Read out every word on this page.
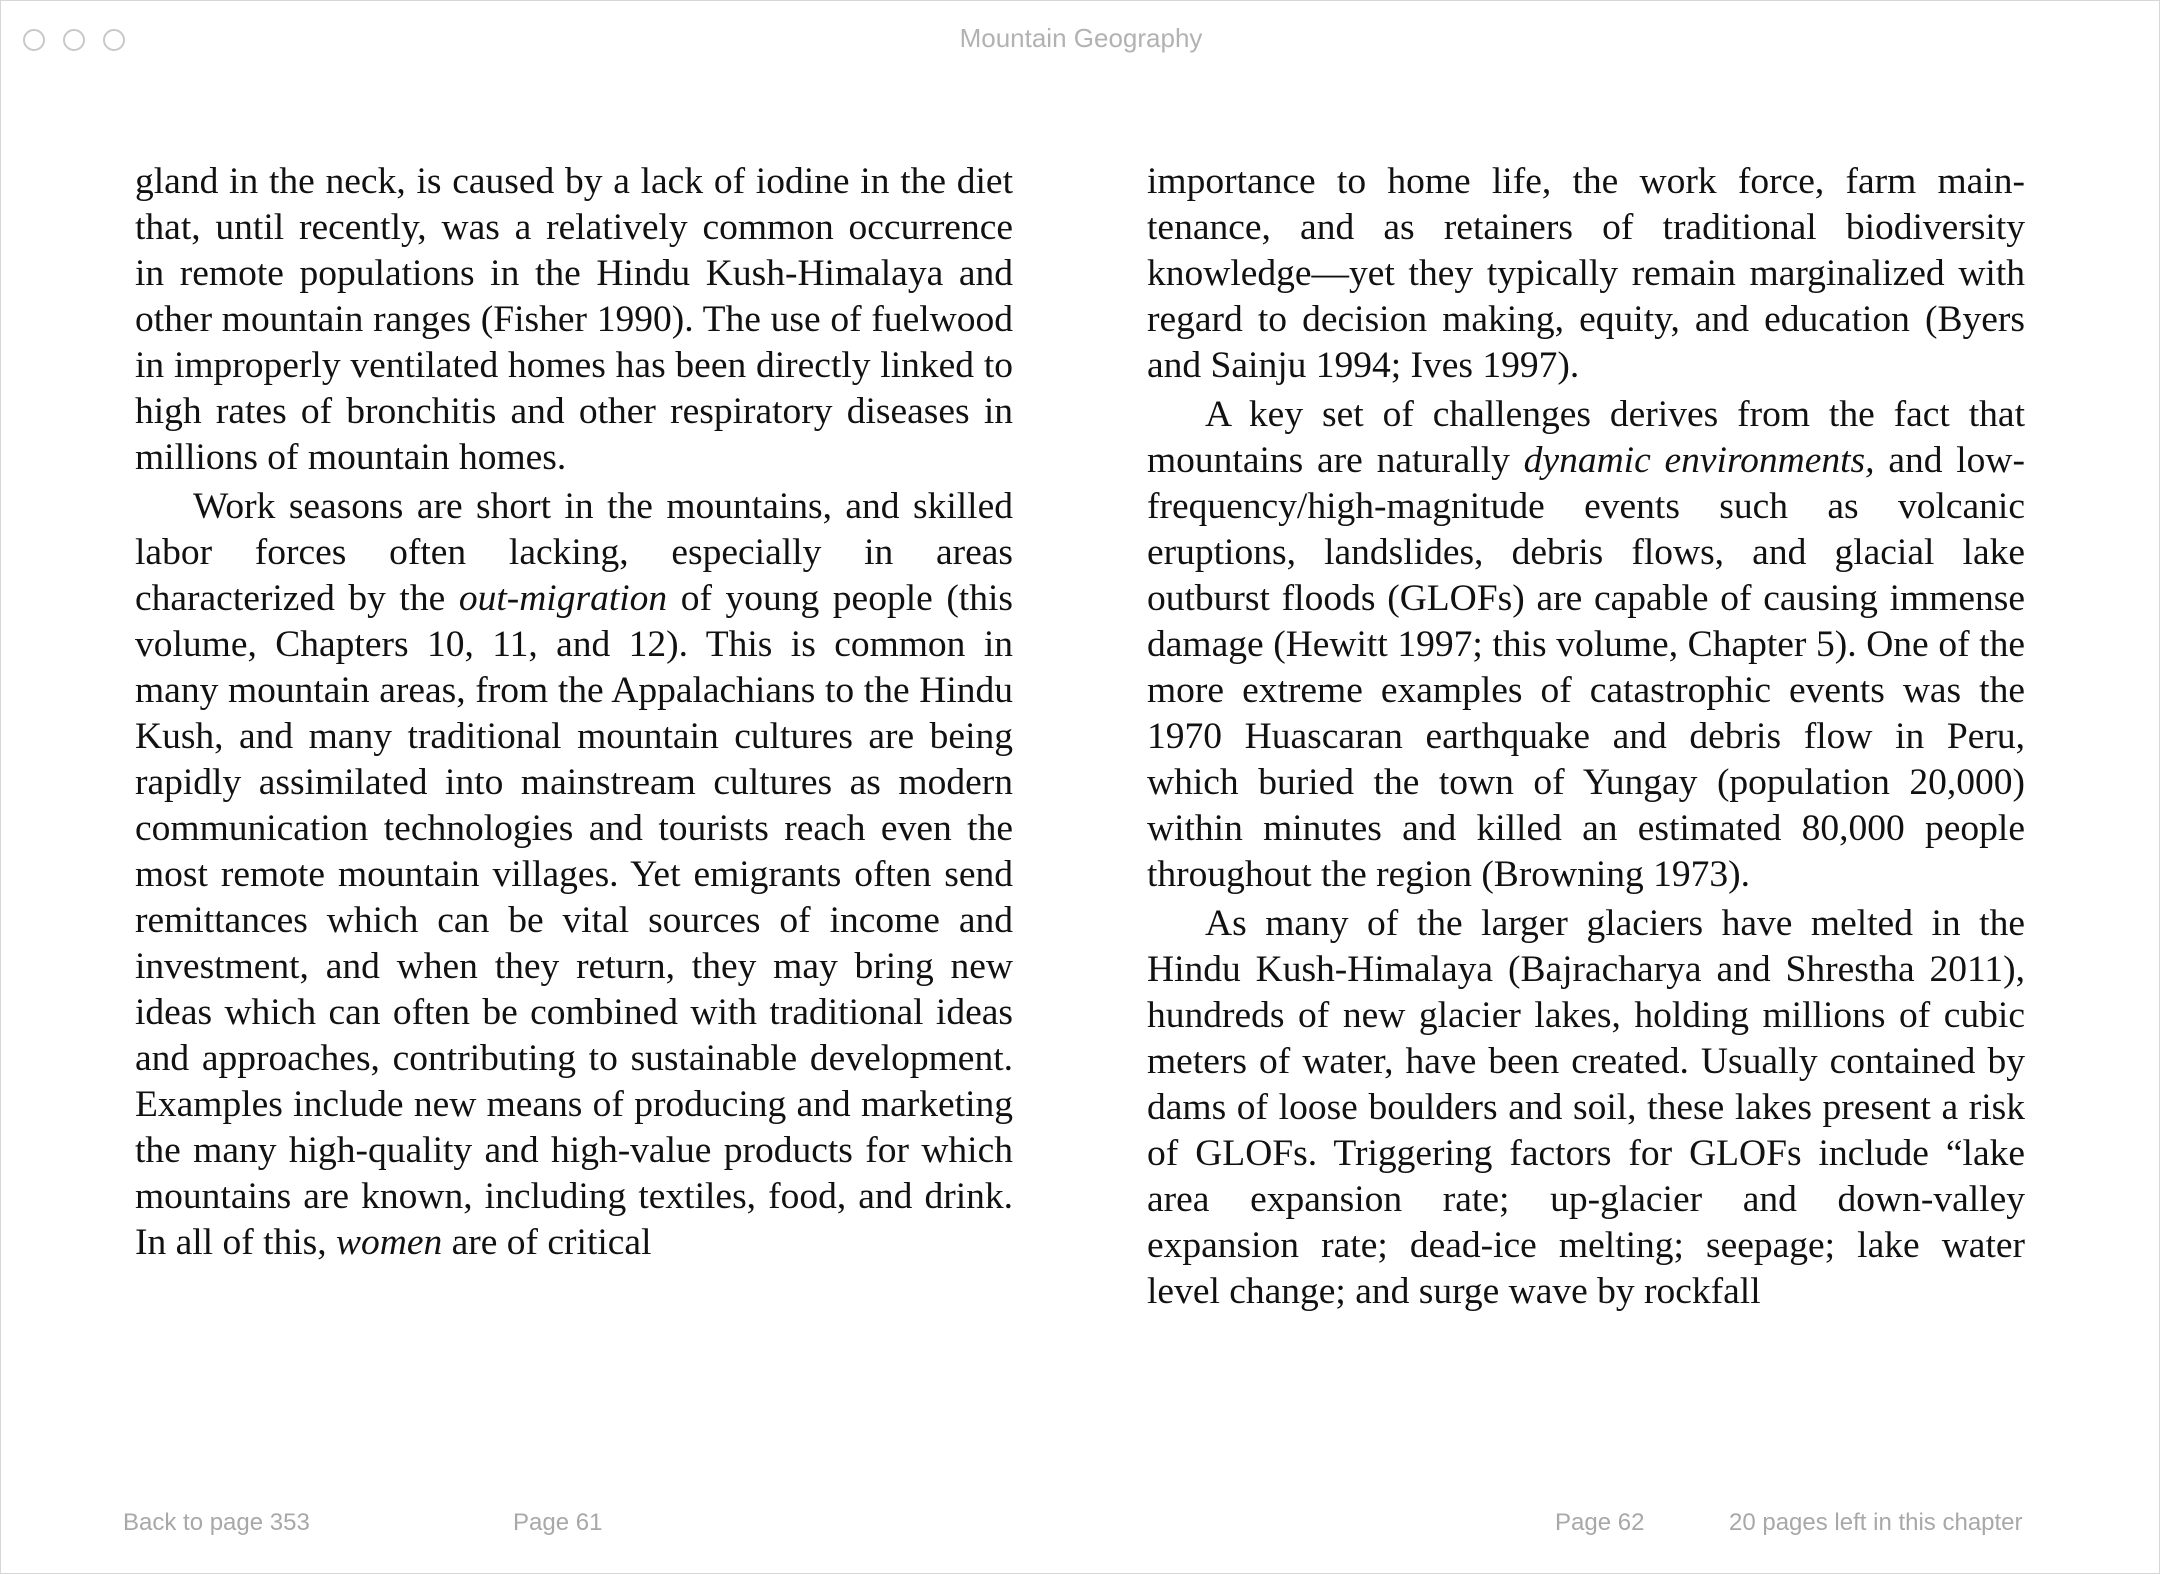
Mountain Geography

gland in the neck, is caused by a lack of iodine in the diet that, until recently, was a relatively common occurrence in remote populations in the Hindu Kush-Himalaya and other mountain ranges (Fisher 1990). The use of fuelwood in improperly ventilated homes has been directly linked to high rates of bronchitis and other respiratory diseases in millions of mountain homes.

Work seasons are short in the mountains, and skilled labor forces often lacking, especially in areas characterized by the out-migration of young people (this volume, Chapters 10, 11, and 12). This is common in many mountain areas, from the Appalachians to the Hindu Kush, and many traditional mountain cultures are being rapidly assimilated into mainstream cultures as modern communication technologies and tourists reach even the most remote mountain villages. Yet emigrants often send remittances which can be vital sources of income and investment, and when they return, they may bring new ideas which can often be combined with traditional ideas and approaches, contributing to sustainable development. Examples include new means of producing and marketing the many high-quality and high-value products for which mountains are known, including textiles, food, and drink. In all of this, women are of critical

importance to home life, the work force, farm maintenance, and as retainers of traditional biodiversity knowledge—yet they typically remain marginalized with regard to decision making, equity, and education (Byers and Sainju 1994; Ives 1997).

A key set of challenges derives from the fact that mountains are naturally dynamic environments, and low-frequency/high-magnitude events such as volcanic eruptions, landslides, debris flows, and glacial lake outburst floods (GLOFs) are capable of causing immense damage (Hewitt 1997; this volume, Chapter 5). One of the more extreme examples of catastrophic events was the 1970 Huascaran earthquake and debris flow in Peru, which buried the town of Yungay (population 20,000) within minutes and killed an estimated 80,000 people throughout the region (Browning 1973).

As many of the larger glaciers have melted in the Hindu Kush-Himalaya (Bajracharya and Shrestha 2011), hundreds of new glacier lakes, holding millions of cubic meters of water, have been created. Usually contained by dams of loose boulders and soil, these lakes present a risk of GLOFs. Triggering factors for GLOFs include “lake area expansion rate; up-glacier and down-valley expansion rate; dead-ice melting; seepage; lake water level change; and surge wave by rockfall

Back to page 353	Page 61	Page 62	20 pages left in this chapter
